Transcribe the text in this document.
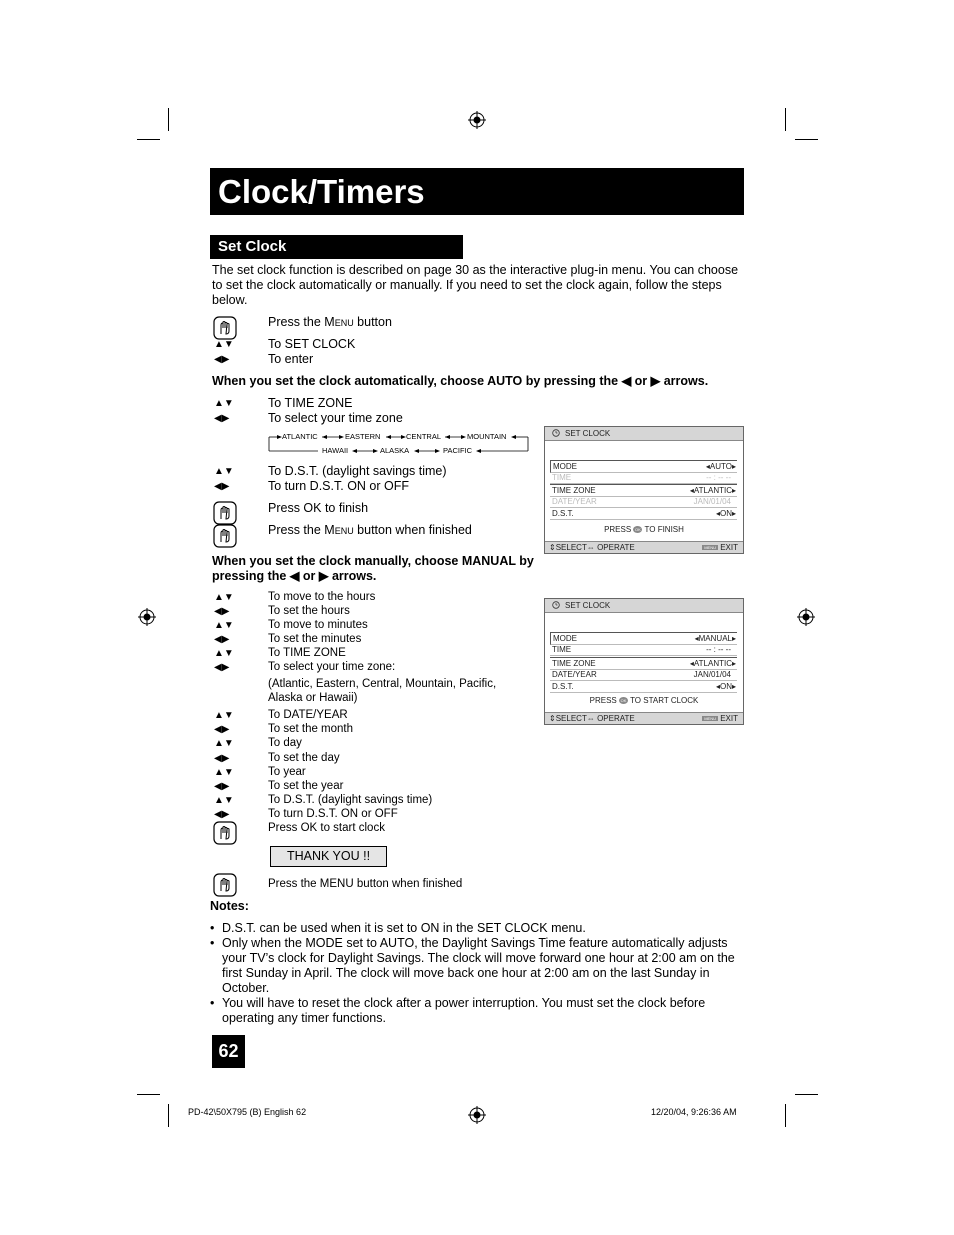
Clock/Timers
Set Clock
The set clock function is described on page 30 as the interactive plug-in menu. You can choose to set the clock automatically or manually. If you need to set the clock again, follow the steps below.
Press the Menu button
▲▼	To SET CLOCK
◀▶	To enter
When you set the clock automatically, choose AUTO by pressing the ◀ or ▶ arrows.
▲▼	To TIME ZONE
◀▶	To select your time zone
ATLANTIC	EASTERN	CENTRAL	MOUNTAIN
HAWAII	ALASKA	PACIFIC
▲▼	To D.S.T. (daylight savings time)
◀▶	To turn D.S.T. ON or OFF
Press OK to finish
Press the Menu button when finished
SET CLOCK
MODE	◂AUTO▸
TIME	-- : -- --
TIME ZONE	◂ATLANTIC▸
DATE/YEAR	JAN/01/04
D.S.T.	◂ON▸
PRESS OK TO FINISH
⇕SELECT⇔ OPERATE	MENU EXIT
When you set the clock manually, choose MANUAL by pressing the ◀ or ▶ arrows.
▲▼	To move to the hours
◀▶	To set the hours
▲▼	To move to minutes
◀▶	To set the minutes
▲▼	To TIME ZONE
◀▶	To select your time zone:
(Atlantic, Eastern, Central, Mountain, Pacific,
Alaska or Hawaii)
▲▼	To DATE/YEAR
◀▶	To set the month
▲▼	To day
◀▶	To set the day
▲▼	To year
◀▶	To set the year
▲▼	To D.S.T. (daylight savings time)
◀▶	To turn D.S.T. ON or OFF
Press OK to start clock
THANK YOU !!
Press the MENU button when finished
SET CLOCK
MODE	◂MANUAL▸
TIME	-- : -- --
TIME ZONE	◂ATLANTIC▸
DATE/YEAR	JAN/01/04
D.S.T.	◂ON▸
PRESS OK TO START CLOCK
⇕SELECT⇔ OPERATE	MENU EXIT
Notes:
• D.S.T. can be used when it is set to ON in the SET CLOCK menu.
• Only when the MODE set to AUTO, the Daylight Savings Time feature automatically adjusts your TV’s clock for Daylight Savings. The clock will move forward one hour at 2:00 am on the first Sunday in April. The clock will move back one hour at 2:00 am on the last Sunday in October.
• You will have to reset the clock after a power interruption. You must set the clock before operating any timer functions.
62
PD-42\50X795 (B) English 62	12/20/04, 9:26:36 AM
